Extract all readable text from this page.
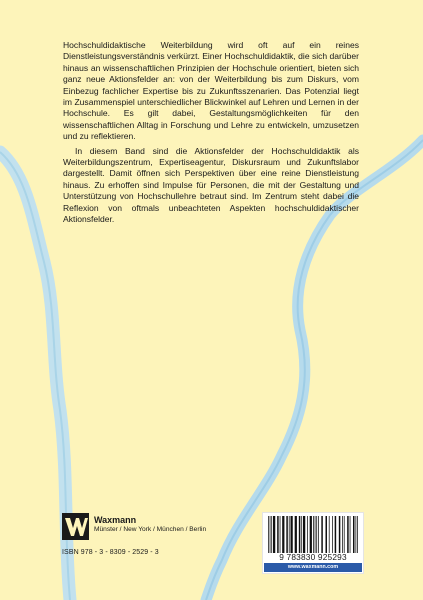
Hochschuldidaktische Weiterbildung wird oft auf ein reines Dienstleistungsverständnis verkürzt. Einer Hochschuldidaktik, die sich darüber hinaus an wissenschaftlichen Prinzipien der Hochschule orientiert, bieten sich ganz neue Aktionsfelder an: von der Weiterbildung bis zum Diskurs, vom Einbezug fachlicher Expertise bis zu Zukunftsszenarien. Das Potenzial liegt im Zusammenspiel unterschiedlicher Blickwinkel auf Lehren und Lernen in der Hochschule. Es gilt dabei, Gestaltungsmöglichkeiten für den wissenschaftlichen Alltag in Forschung und Lehre zu entwickeln, umzusetzen und zu reflektieren.

In diesem Band sind die Aktionsfelder der Hochschuldidaktik als Weiterbildungszentrum, Expertiseagentur, Diskursraum und Zukunftslabor dargestellt. Damit öffnen sich Perspektiven über eine reine Dienstleistung hinaus. Zu erhoffen sind Impulse für Personen, die mit der Gestaltung und Unterstützung von Hochschullehre betraut sind. Im Zentrum steht dabei die Reflexion von oftmals unbeachteten Aspekten hochschuldidaktischer Aktionsfelder.

Waxmann
Münster / New York / München / Berlin
ISBN 978 - 3 - 8309 - 2529 - 3	9 783830 925293
www.waxmann.com
